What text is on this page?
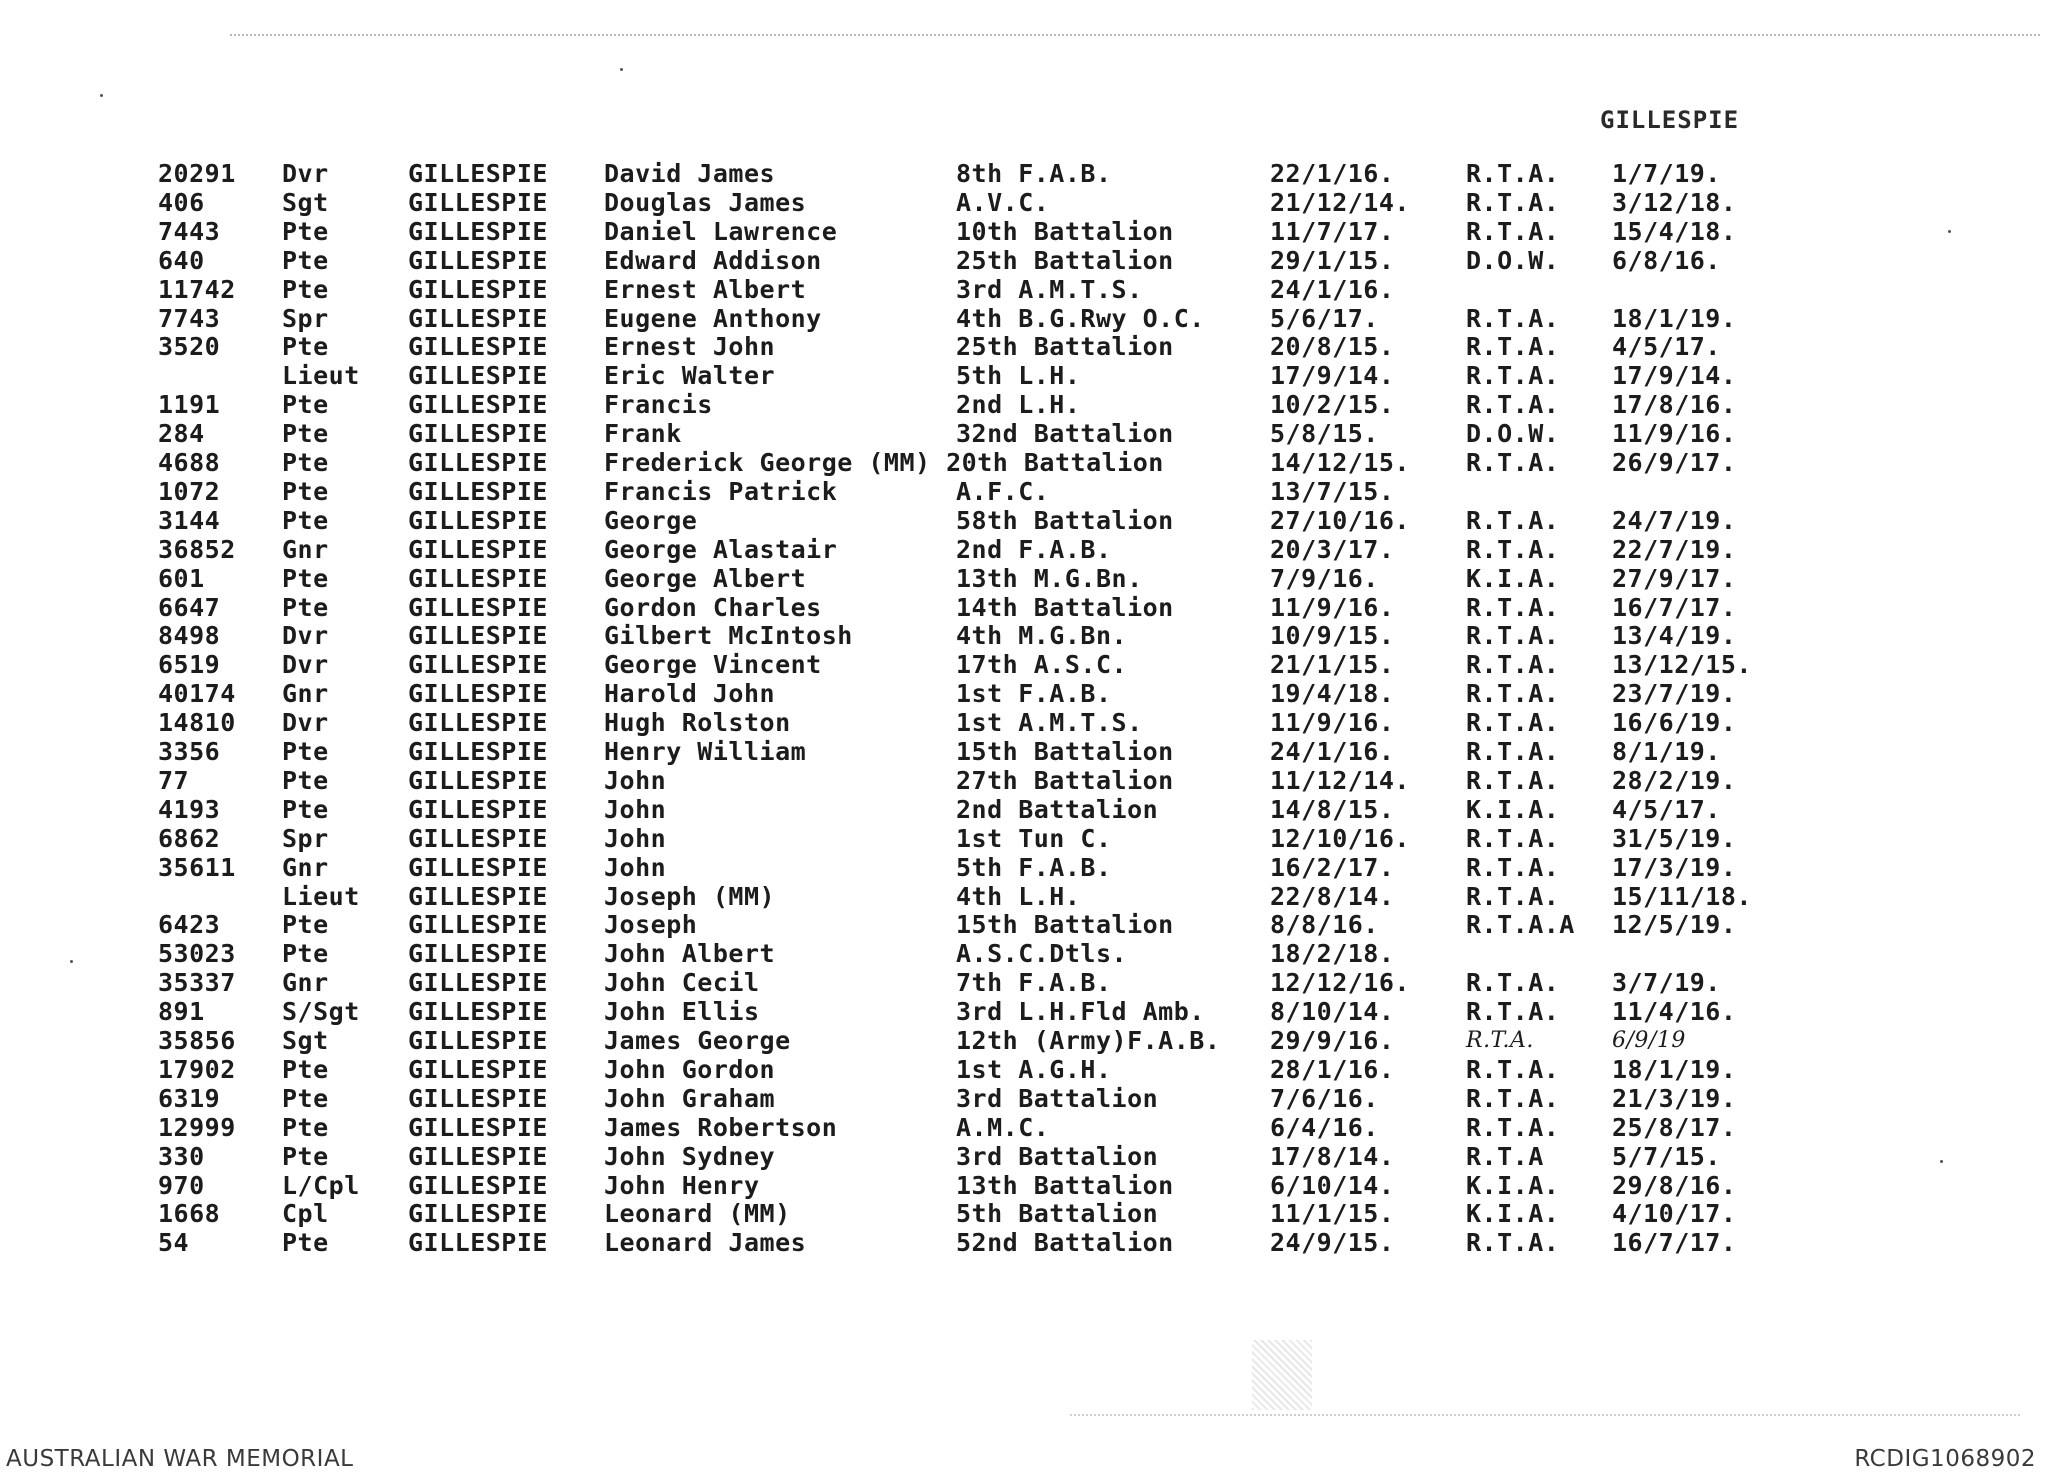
GILLESPIE
20291 Dvr	GILLESPIE David James	8th F.A.B.	22/1/16.	R.T.A. 1/7/19.
406	Sgt	GILLESPIE Douglas James	A.V.C.	21/12/14. R.T.A. 3/12/18.
7443 Pte	GILLESPIE Daniel Lawrence	10th Battalion	11/7/17.	R.T.A. 15/4/18.
640	Pte	GILLESPIE Edward Addison	25th Battalion	29/1/15.	D.O.W. 6/8/16.
11742 Pte	GILLESPIE Ernest Albert	3rd A.M.T.S.	24/1/16.
7743 Spr	GILLESPIE Eugene Anthony	4th B.G.Rwy O.C.	5/6/17.	R.T.A. 18/1/19.
3520 Pte	GILLESPIE Ernest John	25th Battalion	20/8/15.	R.T.A. 4/5/17.
Lieut GILLESPIE Eric Walter	5th L.H.	17/9/14.	R.T.A. 17/9/14.
1191 Pte	GILLESPIE Francis	2nd L.H.	10/2/15.	R.T.A. 17/8/16.
284	Pte	GILLESPIE Frank	32nd Battalion	5/8/15.	D.O.W. 11/9/16.
4688 Pte	GILLESPIE Frederick George (MM) 20th Battalion	14/12/15. R.T.A. 26/9/17.
1072 Pte	GILLESPIE Francis Patrick	A.F.C.	13/7/15.
3144 Pte	GILLESPIE George	58th Battalion	27/10/16. R.T.A. 24/7/19.
36852 Gnr	GILLESPIE George Alastair	2nd F.A.B.	20/3/17.	R.T.A. 22/7/19.
601	Pte	GILLESPIE George Albert	13th M.G.Bn.	7/9/16.	K.I.A. 27/9/17.
6647 Pte	GILLESPIE Gordon Charles	14th Battalion	11/9/16.	R.T.A. 16/7/17.
8498 Dvr	GILLESPIE Gilbert McIntosh	4th M.G.Bn.	10/9/15.	R.T.A. 13/4/19.
6519 Dvr	GILLESPIE George Vincent	17th A.S.C.	21/1/15.	R.T.A. 13/12/15.
40174 Gnr	GILLESPIE Harold John	1st F.A.B.	19/4/18.	R.T.A. 23/7/19.
14810 Dvr	GILLESPIE Hugh Rolston	1st A.M.T.S.	11/9/16.	R.T.A. 16/6/19.
3356 Pte	GILLESPIE Henry William	15th Battalion	24/1/16.	R.T.A. 8/1/19.
77	Pte	GILLESPIE John	27th Battalion	11/12/14. R.T.A. 28/2/19.
4193 Pte	GILLESPIE John	2nd Battalion	14/8/15.	K.I.A. 4/5/17.
6862 Spr	GILLESPIE John	1st Tun C.	12/10/16. R.T.A. 31/5/19.
35611 Gnr	GILLESPIE John	5th F.A.B.	16/2/17.	R.T.A. 17/3/19.
Lieut GILLESPIE Joseph (MM)	4th L.H.	22/8/14.	R.T.A. 15/11/18.
6423 Pte	GILLESPIE Joseph	15th Battalion	8/8/16.	R.T.A.A 12/5/19.
53023 Pte	GILLESPIE John Albert	A.S.C.Dtls.	18/2/18.
35337 Gnr	GILLESPIE John Cecil	7th F.A.B.	12/12/16. R.T.A. 3/7/19.
891	S/Sgt GILLESPIE John Ellis	3rd L.H.Fld Amb.	8/10/14.	R.T.A. 11/4/16.
35856 Sgt	GILLESPIE James George	12th (Army)F.A.B. 29/9/16.	R.T.A.	6/9/19
17902 Pte	GILLESPIE John Gordon	1st A.G.H.	28/1/16.	R.T.A. 18/1/19.
6319 Pte	GILLESPIE John Graham	3rd Battalion	7/6/16.	R.T.A. 21/3/19.
12999 Pte	GILLESPIE James Robertson	A.M.C.	6/4/16.	R.T.A. 25/8/17.
330	Pte	GILLESPIE John Sydney	3rd Battalion	17/8/14.	R.T.A	5/7/15.
970	L/Cpl GILLESPIE John Henry	13th Battalion	6/10/14.	K.I.A. 29/8/16.
1668 Cpl	GILLESPIE Leonard (MM)	5th Battalion	11/1/15.	K.I.A. 4/10/17.
54	Pte	GILLESPIE Leonard James	52nd Battalion	24/9/15.	R.T.A. 16/7/17.
AUSTRALIAN WAR MEMORIAL	RCDIG1068902
